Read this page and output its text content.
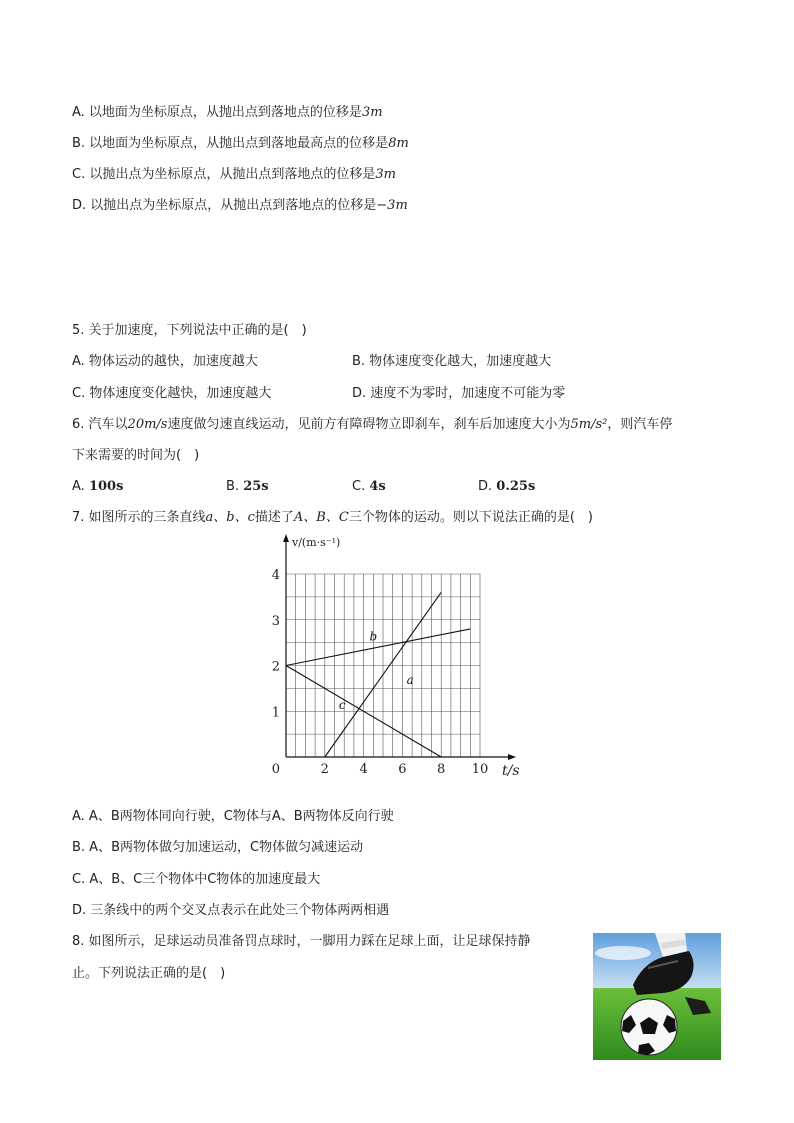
A. 以地面为坐标原点，从抛出点到落地点的位移是3m
B. 以地面为坐标原点，从抛出点到落地最高点的位移是8m
C. 以抛出点为坐标原点，从抛出点到落地点的位移是3m
D. 以抛出点为坐标原点，从抛出点到落地点的位移是−3m
5. 关于加速度，下列说法中正确的是(　)
A. 物体运动的越快，加速度越大	B. 物体速度变化越大，加速度越大
C. 物体速度变化越快，加速度越大	D. 速度不为零时，加速度不可能为零
6. 汽车以20m/s速度做匀速直线运动，见前方有障碍物立即刹车，刹车后加速度大小为5m/s²，则汽车停
下来需要的时间为(　)
A. 100s	B. 25s	C. 4s	D. 0.25s
7. 如图所示的三条直线a、b、c描述了A、B、C三个物体的运动。则以下说法正确的是(　)
2 4 6 8 10
1
2
3
4
0	t/s
v/(m·s⁻¹)
a
b
c
A. A、B两物体同向行驶，C物体与A、B两物体反向行驶
B. A、B两物体做匀加速运动，C物体做匀减速运动
C. A、B、C三个物体中C物体的加速度最大
D. 三条线中的两个交叉点表示在此处三个物体两两相遇
8. 如图所示，足球运动员准备罚点球时，一脚用力踩在足球上面，让足球保持静
止。下列说法正确的是(　)
